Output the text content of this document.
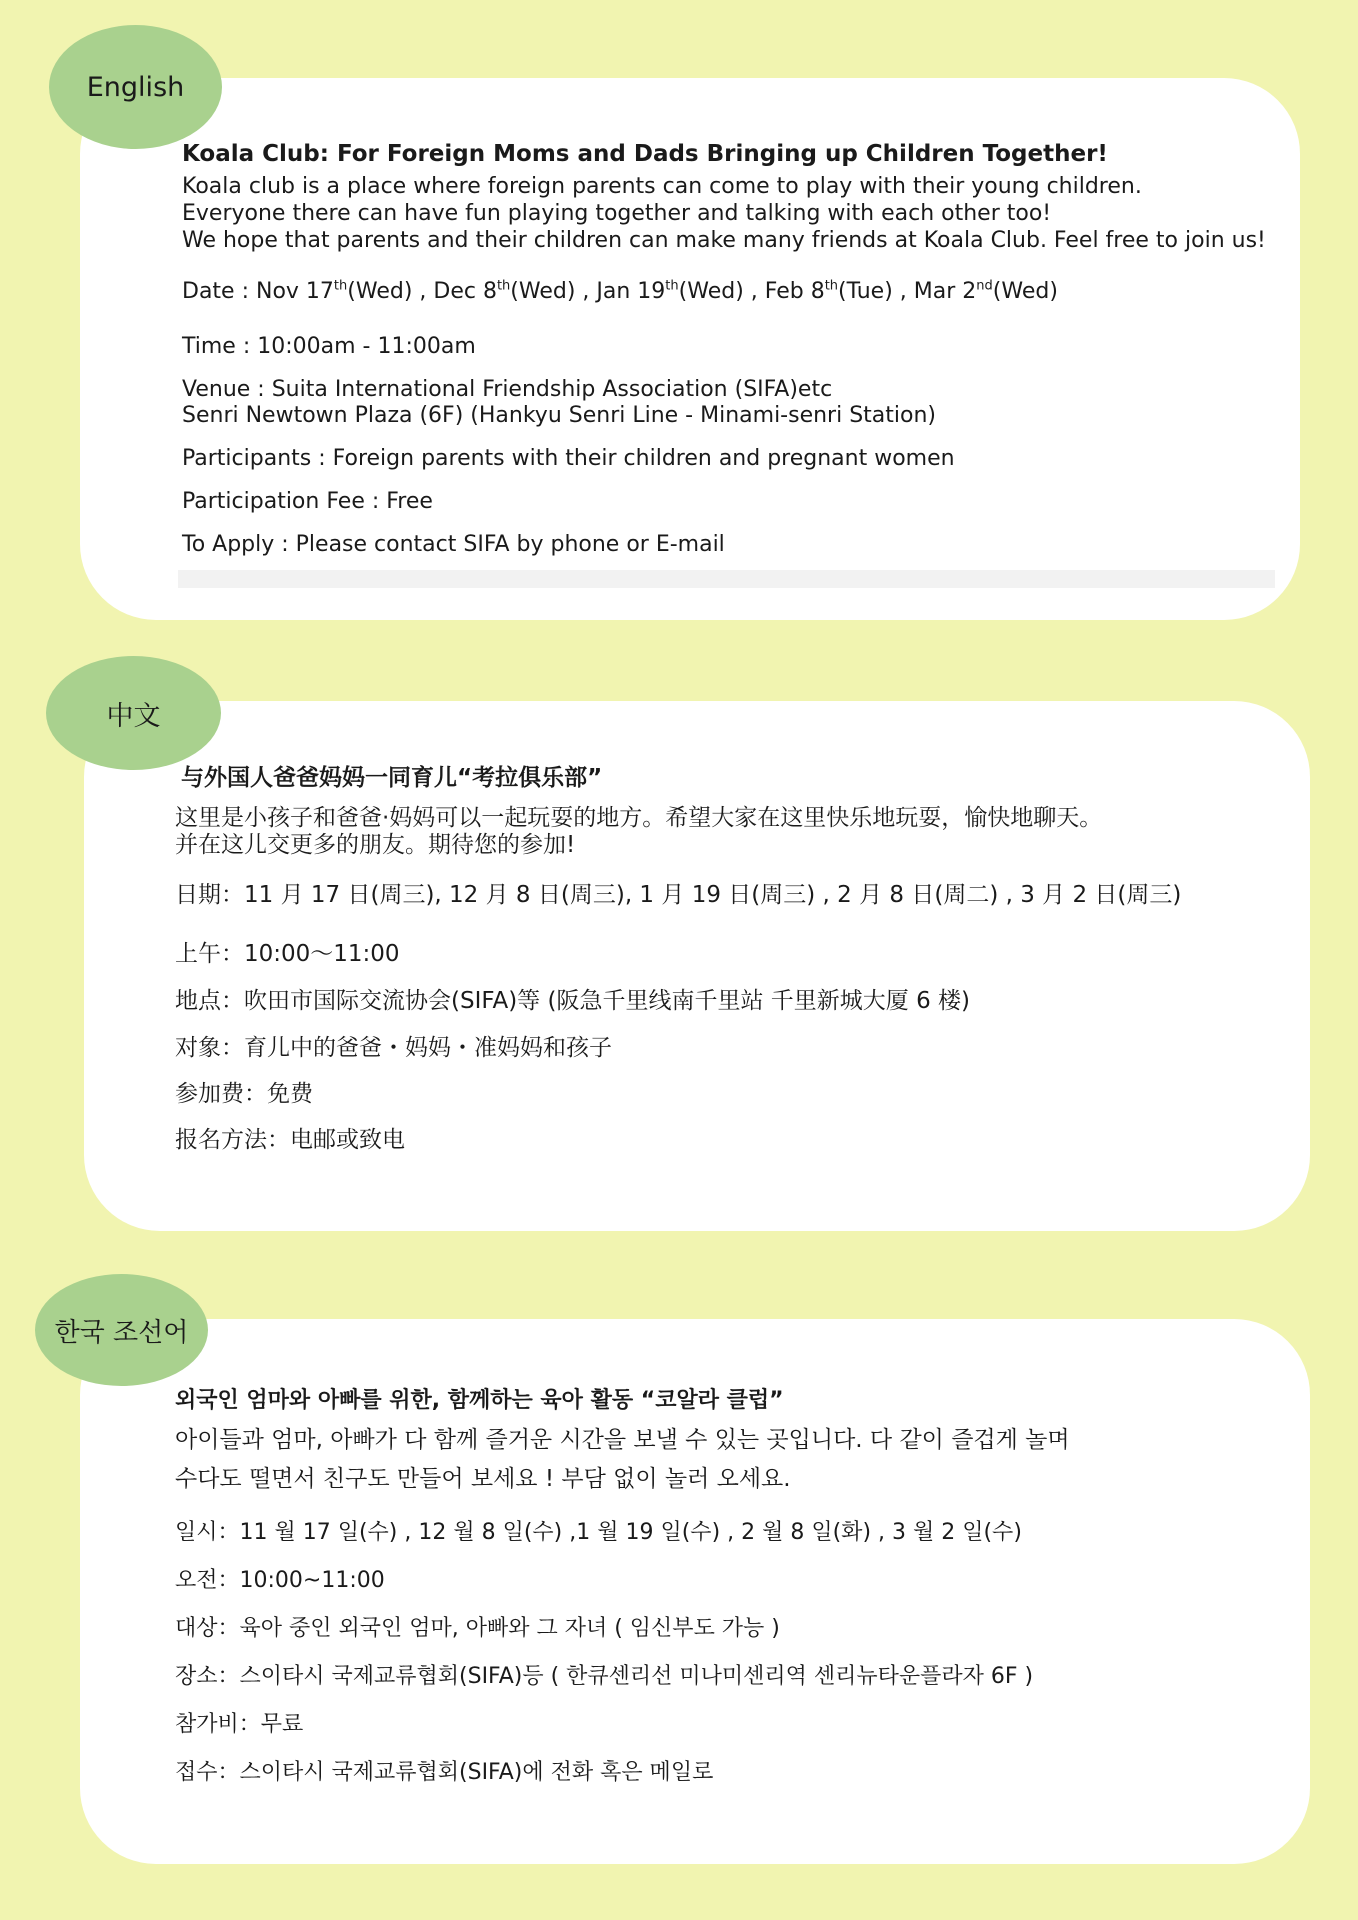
English
Koala Club: For Foreign Moms and Dads Bringing up Children Together!
Koala club is a place where foreign parents can come to play with their young children.
Everyone there can have fun playing together and talking with each other too!
We hope that parents and their children can make many friends at Koala Club. Feel free to join us!
Date : Nov 17th(Wed) , Dec 8th(Wed) , Jan 19th(Wed) , Feb 8th(Tue) , Mar 2nd(Wed)
Time : 10:00am - 11:00am
Venue : Suita International Friendship Association (SIFA)etc
Senri Newtown Plaza (6F) (Hankyu Senri Line - Minami-senri Station)
Participants : Foreign parents with their children and pregnant women
Participation Fee : Free
To Apply : Please contact SIFA by phone or E-mail
中文
与外国人爸爸妈妈一同育儿“考拉俱乐部”
这里是小孩子和爸爸·妈妈可以一起玩耍的地方。希望大家在这里快乐地玩耍，愉快地聊天。
并在这儿交更多的朋友。期待您的参加!
日期：11 月 17 日(周三), 12 月 8 日(周三), 1 月 19 日(周三) , 2 月 8 日(周二) , 3 月 2 日(周三)
上午：10:00～11:00
地点：吹田市国际交流协会(SIFA)等 (阪急千里线南千里站 千里新城大厦 6 楼)
对象：育儿中的爸爸・妈妈・准妈妈和孩子
参加费：免费
报名方法：电邮或致电
한국 조선어
외국인 엄마와 아빠를 위한, 함께하는 육아 활동 “코알라 클럽”
아이들과 엄마, 아빠가 다 함께 즐거운 시간을 보낼 수 있는 곳입니다. 다 같이 즐겁게 놀며
수다도 떨면서 친구도 만들어 보세요 ! 부담 없이 놀러 오세요.
일시：11 월 17 일(수) , 12 월 8 일(수) ,1 월 19 일(수) , 2 월 8 일(화) , 3 월 2 일(수)
오전：10:00~11:00
대상：육아 중인 외국인 엄마, 아빠와 그 자녀 ( 임신부도 가능 )
장소：스이타시 국제교류협회(SIFA)등 ( 한큐센리선 미나미센리역 센리뉴타운플라자 6F )
참가비：무료
접수：스이타시 국제교류협회(SIFA)에 전화 혹은 메일로
